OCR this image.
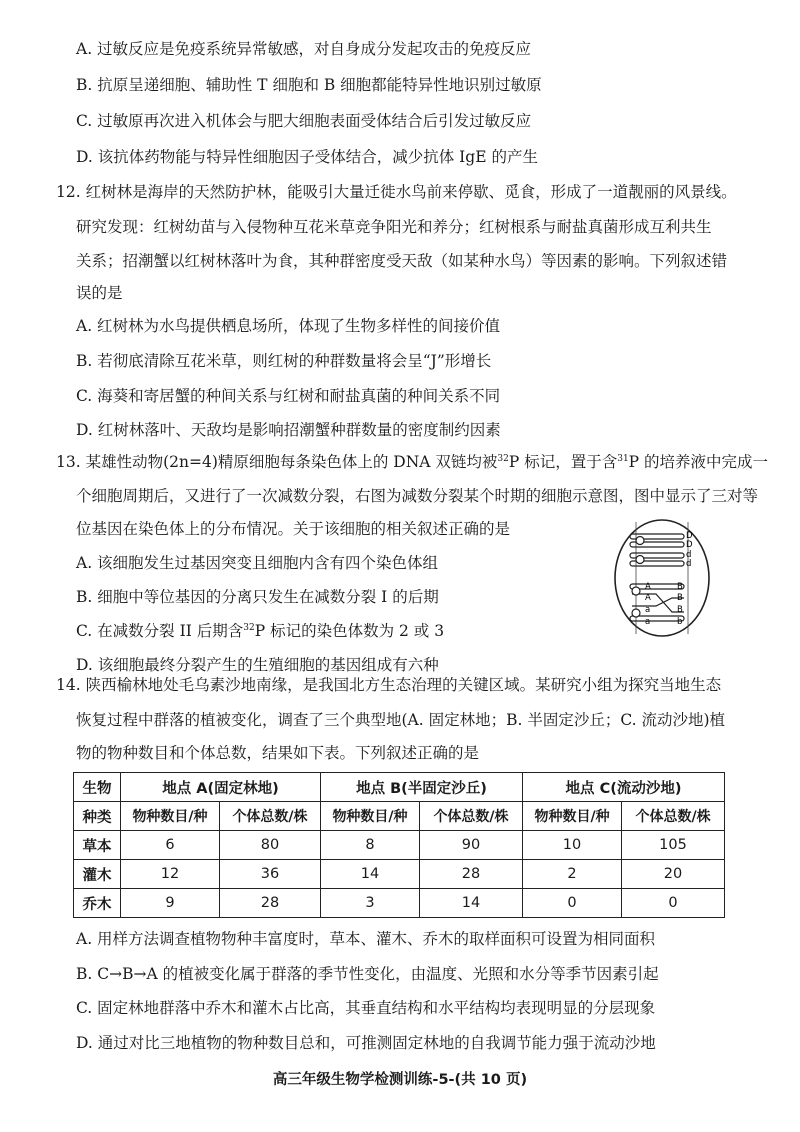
A. 过敏反应是免疫系统异常敏感，对自身成分发起攻击的免疫反应
B. 抗原呈递细胞、辅助性 T 细胞和 B 细胞都能特异性地识别过敏原
C. 过敏原再次进入机体会与肥大细胞表面受体结合后引发过敏反应
D. 该抗体药物能与特异性细胞因子受体结合，减少抗体 IgE 的产生
12. 红树林是海岸的天然防护林，能吸引大量迁徙水鸟前来停歇、觅食，形成了一道靓丽的风景线。
研究发现：红树幼苗与入侵物种互花米草竞争阳光和养分；红树根系与耐盐真菌形成互利共生
关系；招潮蟹以红树林落叶为食，其种群密度受天敌（如某种水鸟）等因素的影响。下列叙述错
误的是
A. 红树林为水鸟提供栖息场所，体现了生物多样性的间接价值
B. 若彻底清除互花米草，则红树的种群数量将会呈“J”形增长
C. 海葵和寄居蟹的种间关系与红树和耐盐真菌的种间关系不同
D. 红树林落叶、天敌均是影响招潮蟹种群数量的密度制约因素
13. 某雄性动物(2n=4)精原细胞每条染色体上的 DNA 双链均被$^{32}$P 标记，置于含$^{31}$P 的培养液中完成一
个细胞周期后，又进行了一次减数分裂，右图为减数分裂某个时期的细胞示意图，图中显示了三对等
位基因在染色体上的分布情况。关于该细胞的相关叙述正确的是
A. 该细胞发生过基因突变且细胞内含有四个染色体组
B. 细胞中等位基因的分离只发生在减数分裂 I 的后期
C. 在减数分裂 II 后期含$^{32}$P 标记的染色体数为 2 或 3
D. 该细胞最终分裂产生的生殖细胞的基因组成有六种
D
D
d
d
A
A
a
a
B
B
B
b
14. 陕西榆林地处毛乌素沙地南缘，是我国北方生态治理的关键区域。某研究小组为探究当地生态
恢复过程中群落的植被变化，调查了三个典型地(A. 固定林地；B. 半固定沙丘；C. 流动沙地)植
物的物种数目和个体总数，结果如下表。下列叙述正确的是
生物	地点 A(固定林地)		地点 B(半固定沙丘)		地点 C(流动沙地)	
种类	物种数目/种	个体总数/株	物种数目/种	个体总数/株	物种数目/种	个体总数/株
草本	6	80	8	90	10	105
灌木	12	36	14	28	2	20
乔木	9	28	3	14	0	0
A. 用样方法调查植物物种丰富度时，草本、灌木、乔木的取样面积可设置为相同面积
B. C→B→A 的植被变化属于群落的季节性变化，由温度、光照和水分等季节因素引起
C. 固定林地群落中乔木和灌木占比高，其垂直结构和水平结构均表现明显的分层现象
D. 通过对比三地植物的物种数目总和，可推测固定林地的自我调节能力强于流动沙地
高三年级生物学检测训练-5-(共 10 页)
